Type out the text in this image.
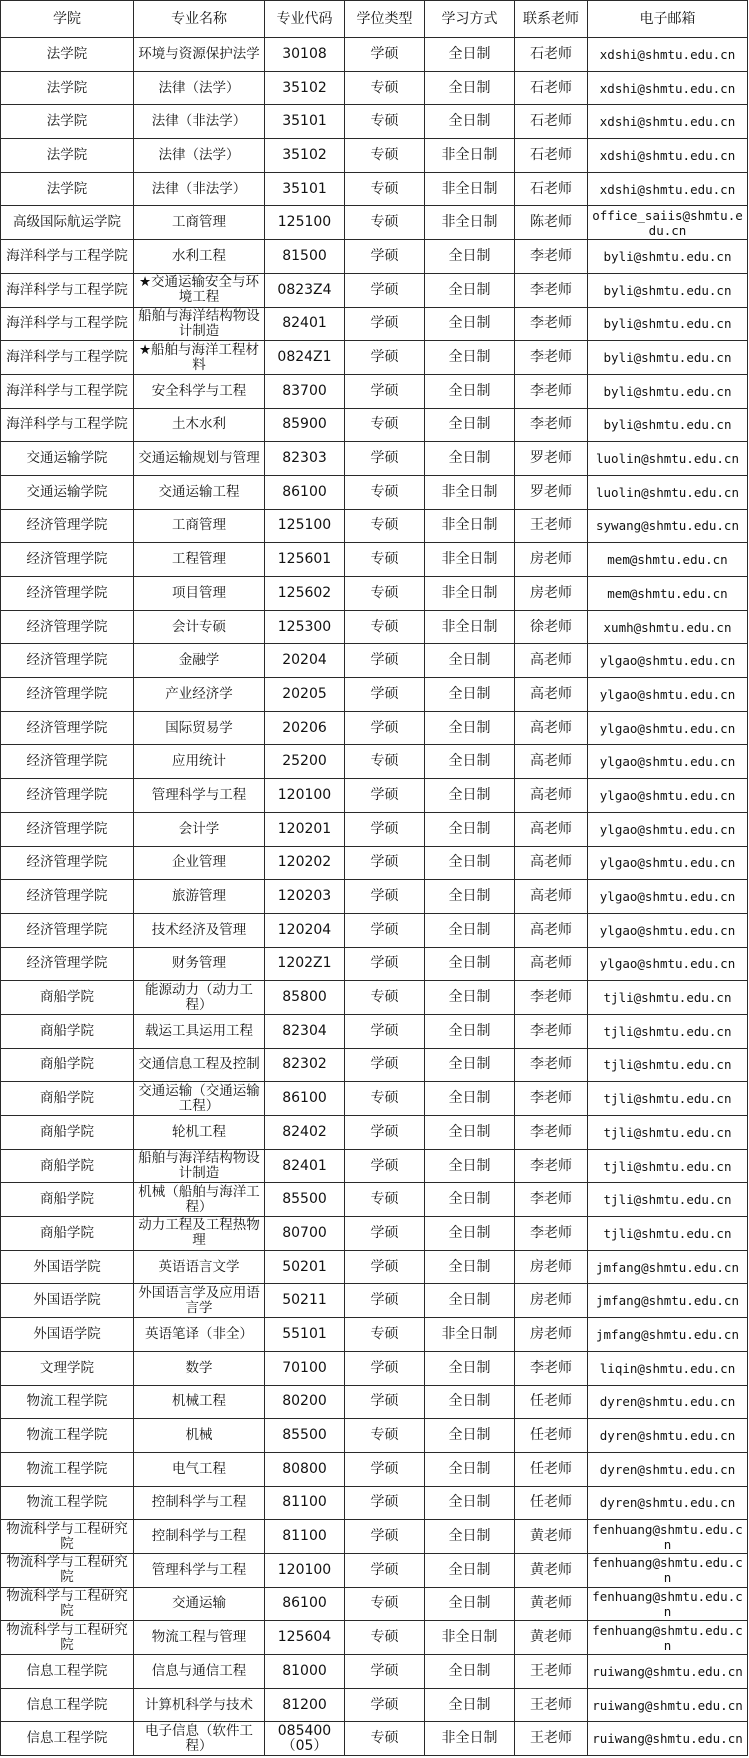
学院	专业名称	专业代码	学位类型	学习方式	联系老师	电子邮箱
法学院	环境与资源保护法学	30108	学硕	全日制	石老师	xdshi@shmtu.edu.cn
法学院	法律（法学）	35102	专硕	全日制	石老师	xdshi@shmtu.edu.cn
法学院	法律（非法学）	35101	专硕	全日制	石老师	xdshi@shmtu.edu.cn
法学院	法律（法学）	35102	专硕	非全日制	石老师	xdshi@shmtu.edu.cn
法学院	法律（非法学）	35101	专硕	非全日制	石老师	xdshi@shmtu.edu.cn
高级国际航运学院	工商管理	125100	专硕	非全日制	陈老师	office_saiis@shmtu.edu.cn
海洋科学与工程学院	水利工程	81500	学硕	全日制	李老师	byli@shmtu.edu.cn
海洋科学与工程学院	★交通运输安全与环境工程	0823Z4	学硕	全日制	李老师	byli@shmtu.edu.cn
海洋科学与工程学院	船舶与海洋结构物设计制造	82401	学硕	全日制	李老师	byli@shmtu.edu.cn
海洋科学与工程学院	★船舶与海洋工程材料	0824Z1	学硕	全日制	李老师	byli@shmtu.edu.cn
海洋科学与工程学院	安全科学与工程	83700	学硕	全日制	李老师	byli@shmtu.edu.cn
海洋科学与工程学院	土木水利	85900	专硕	全日制	李老师	byli@shmtu.edu.cn
交通运输学院	交通运输规划与管理	82303	学硕	全日制	罗老师	luolin@shmtu.edu.cn
交通运输学院	交通运输工程	86100	专硕	非全日制	罗老师	luolin@shmtu.edu.cn
经济管理学院	工商管理	125100	专硕	非全日制	王老师	sywang@shmtu.edu.cn
经济管理学院	工程管理	125601	专硕	非全日制	房老师	mem@shmtu.edu.cn
经济管理学院	项目管理	125602	专硕	非全日制	房老师	mem@shmtu.edu.cn
经济管理学院	会计专硕	125300	专硕	非全日制	徐老师	xumh@shmtu.edu.cn
经济管理学院	金融学	20204	学硕	全日制	高老师	ylgao@shmtu.edu.cn
经济管理学院	产业经济学	20205	学硕	全日制	高老师	ylgao@shmtu.edu.cn
经济管理学院	国际贸易学	20206	学硕	全日制	高老师	ylgao@shmtu.edu.cn
经济管理学院	应用统计	25200	专硕	全日制	高老师	ylgao@shmtu.edu.cn
经济管理学院	管理科学与工程	120100	学硕	全日制	高老师	ylgao@shmtu.edu.cn
经济管理学院	会计学	120201	学硕	全日制	高老师	ylgao@shmtu.edu.cn
经济管理学院	企业管理	120202	学硕	全日制	高老师	ylgao@shmtu.edu.cn
经济管理学院	旅游管理	120203	学硕	全日制	高老师	ylgao@shmtu.edu.cn
经济管理学院	技术经济及管理	120204	学硕	全日制	高老师	ylgao@shmtu.edu.cn
经济管理学院	财务管理	1202Z1	学硕	全日制	高老师	ylgao@shmtu.edu.cn
商船学院	能源动力（动力工程）	85800	专硕	全日制	李老师	tjli@shmtu.edu.cn
商船学院	载运工具运用工程	82304	学硕	全日制	李老师	tjli@shmtu.edu.cn
商船学院	交通信息工程及控制	82302	学硕	全日制	李老师	tjli@shmtu.edu.cn
商船学院	交通运输（交通运输工程）	86100	专硕	全日制	李老师	tjli@shmtu.edu.cn
商船学院	轮机工程	82402	学硕	全日制	李老师	tjli@shmtu.edu.cn
商船学院	船舶与海洋结构物设计制造	82401	学硕	全日制	李老师	tjli@shmtu.edu.cn
商船学院	机械（船舶与海洋工程）	85500	专硕	全日制	李老师	tjli@shmtu.edu.cn
商船学院	动力工程及工程热物理	80700	学硕	全日制	李老师	tjli@shmtu.edu.cn
外国语学院	英语语言文学	50201	学硕	全日制	房老师	jmfang@shmtu.edu.cn
外国语学院	外国语言学及应用语言学	50211	学硕	全日制	房老师	jmfang@shmtu.edu.cn
外国语学院	英语笔译（非全）	55101	专硕	非全日制	房老师	jmfang@shmtu.edu.cn
文理学院	数学	70100	学硕	全日制	李老师	liqin@shmtu.edu.cn
物流工程学院	机械工程	80200	学硕	全日制	任老师	dyren@shmtu.edu.cn
物流工程学院	机械	85500	专硕	全日制	任老师	dyren@shmtu.edu.cn
物流工程学院	电气工程	80800	学硕	全日制	任老师	dyren@shmtu.edu.cn
物流工程学院	控制科学与工程	81100	学硕	全日制	任老师	dyren@shmtu.edu.cn
物流科学与工程研究院	控制科学与工程	81100	学硕	全日制	黄老师	fenhuang@shmtu.edu.cn
物流科学与工程研究院	管理科学与工程	120100	学硕	全日制	黄老师	fenhuang@shmtu.edu.cn
物流科学与工程研究院	交通运输	86100	专硕	全日制	黄老师	fenhuang@shmtu.edu.cn
物流科学与工程研究院	物流工程与管理	125604	专硕	非全日制	黄老师	fenhuang@shmtu.edu.cn
信息工程学院	信息与通信工程	81000	学硕	全日制	王老师	ruiwang@shmtu.edu.cn
信息工程学院	计算机科学与技术	81200	学硕	全日制	王老师	ruiwang@shmtu.edu.cn
信息工程学院	电子信息（软件工程）	085400（05）	专硕	非全日制	王老师	ruiwang@shmtu.edu.cn
